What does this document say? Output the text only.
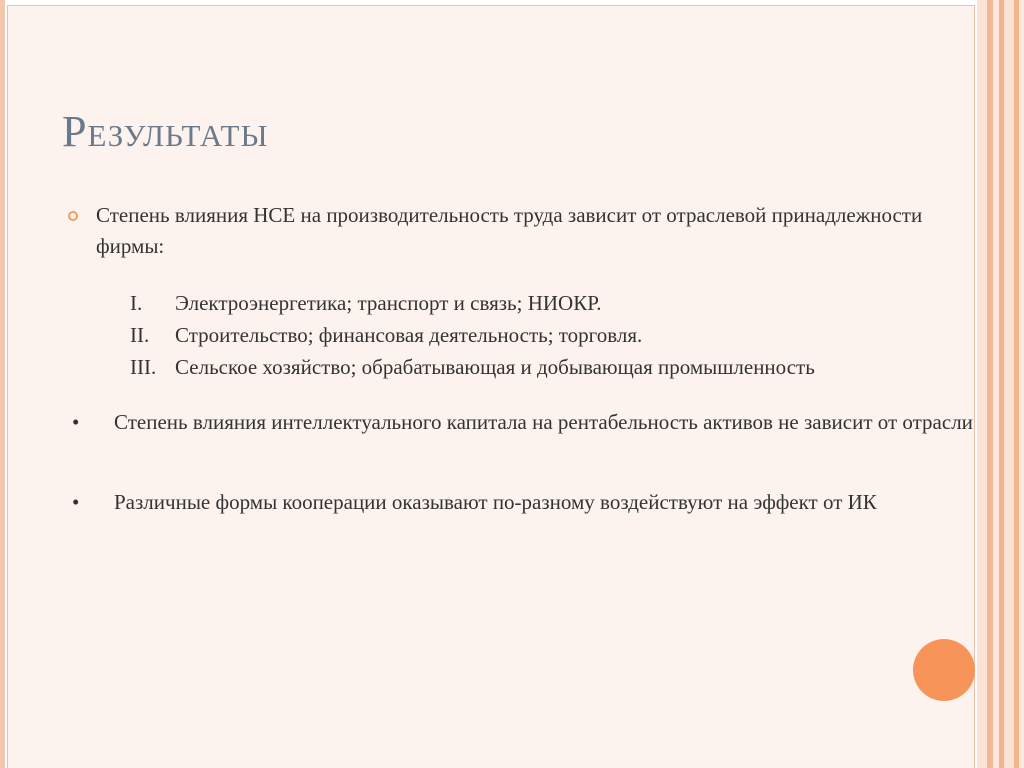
Результаты

Степень влияния НСЕ на производительность труда зависит от отраслевой принадлежности фирмы:

I. Электроэнергетика; транспорт и связь; НИОКР.
II. Строительство; финансовая деятельность; торговля.
III. Сельское хозяйство; обрабатывающая и добывающая промышленность
• Степень влияния интеллектуального капитала на рентабельность активов не зависит от отрасли

• Различные формы кооперации оказывают по-разному воздействуют на эффект от ИК
